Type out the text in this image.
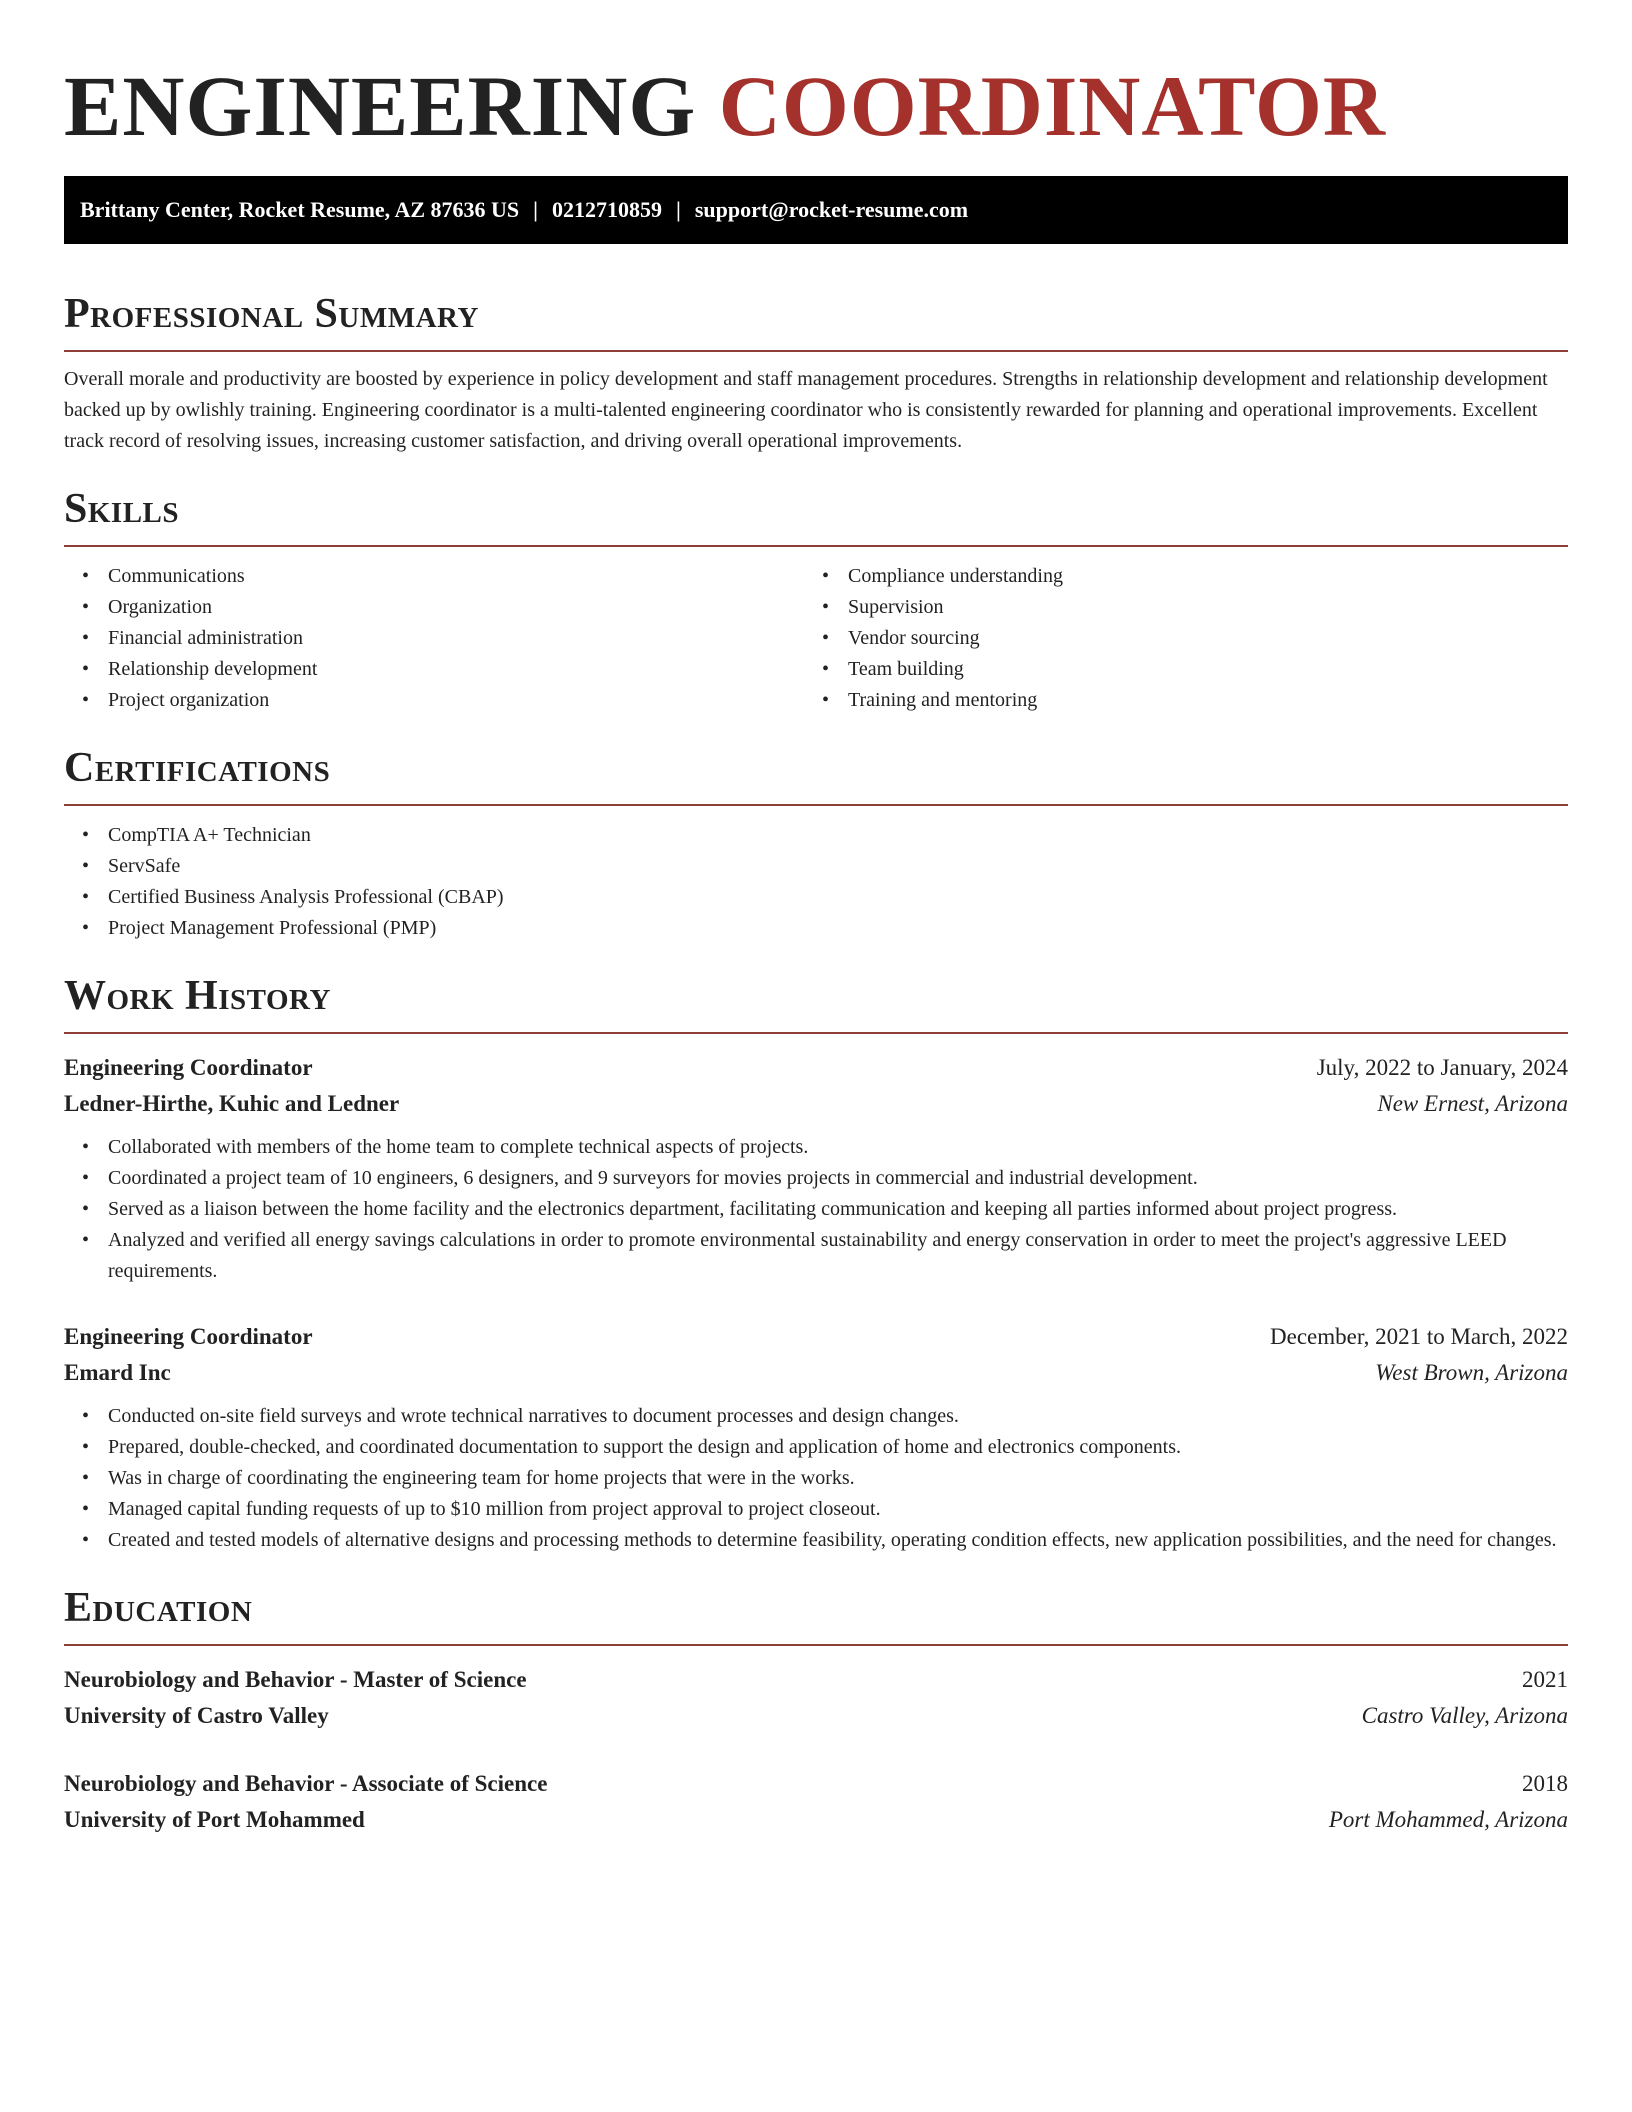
ENGINEERING COORDINATOR
Brittany Center, Rocket Resume, AZ 87636 US | 0212710859 | support@rocket-resume.com
Professional Summary

Overall morale and productivity are boosted by experience in policy development and staff management procedures. Strengths in relationship development and relationship development backed up by owlishly training. Engineering coordinator is a multi-talented engineering coordinator who is consistently rewarded for planning and operational improvements. Excellent track record of resolving issues, increasing customer satisfaction, and driving overall operational improvements.

Skills
• Communications
• Organization
• Financial administration
• Relationship development
• Project organization
• Compliance understanding
• Supervision
• Vendor sourcing
• Team building
• Training and mentoring
Certifications
• CompTIA A+ Technician
• ServSafe
• Certified Business Analysis Professional (CBAP)
• Project Management Professional (PMP)
Work History
Engineering Coordinator	July, 2022 to January, 2024
Ledner-Hirthe, Kuhic and Ledner	New Ernest, Arizona
• Collaborated with members of the home team to complete technical aspects of projects.
• Coordinated a project team of 10 engineers, 6 designers, and 9 surveyors for movies projects in commercial and industrial development.
• Served as a liaison between the home facility and the electronics department, facilitating communication and keeping all parties informed about project progress.
• Analyzed and verified all energy savings calculations in order to promote environmental sustainability and energy conservation in order to meet the project's aggressive LEED requirements.
Engineering Coordinator	December, 2021 to March, 2022
Emard Inc	West Brown, Arizona
• Conducted on-site field surveys and wrote technical narratives to document processes and design changes.
• Prepared, double-checked, and coordinated documentation to support the design and application of home and electronics components.
• Was in charge of coordinating the engineering team for home projects that were in the works.
• Managed capital funding requests of up to $10 million from project approval to project closeout.
• Created and tested models of alternative designs and processing methods to determine feasibility, operating condition effects, new application possibilities, and the need for changes.
Education
Neurobiology and Behavior - Master of Science	2021
University of Castro Valley	Castro Valley, Arizona
Neurobiology and Behavior - Associate of Science	2018
University of Port Mohammed	Port Mohammed, Arizona
